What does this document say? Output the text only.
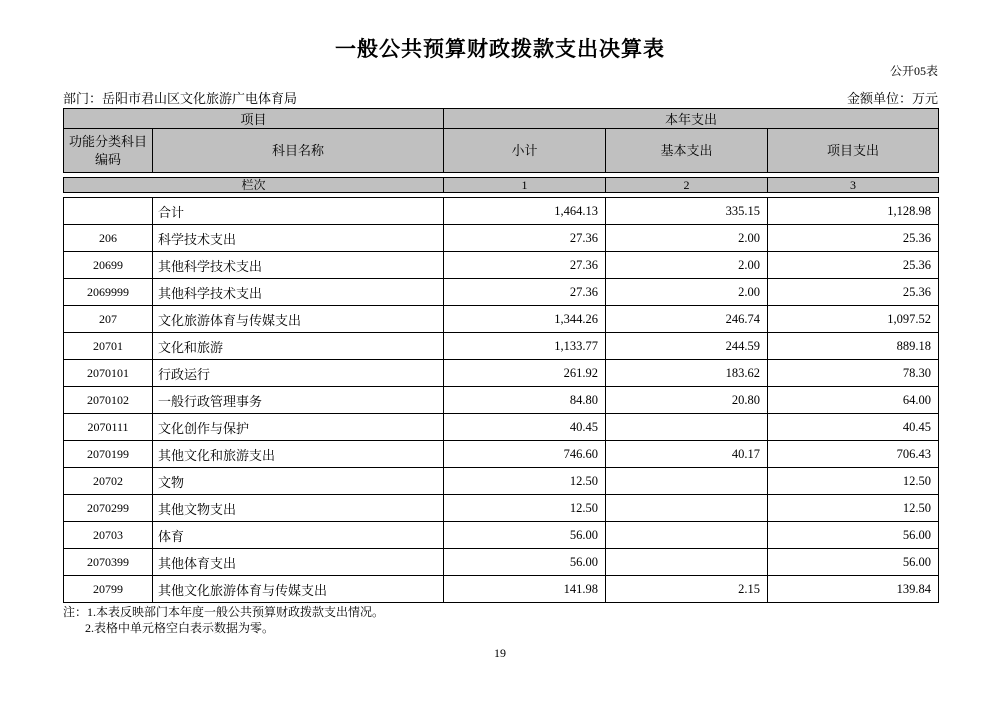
一般公共预算财政拨款支出决算表
公开05表
部门：岳阳市君山区文化旅游广电体育局	金额单位：万元
项目		本年支出		
功能分类科目
编码	科目名称	小计	基本支出	项目支出
栏次	1	2	3
	合计	1,464.13	335.15	1,128.98
206	科学技术支出	27.36	2.00	25.36
20699	其他科学技术支出	27.36	2.00	25.36
2069999	其他科学技术支出	27.36	2.00	25.36
207	文化旅游体育与传媒支出	1,344.26	246.74	1,097.52
20701	文化和旅游	1,133.77	244.59	889.18
2070101	行政运行	261.92	183.62	78.30
2070102	一般行政管理事务	84.80	20.80	64.00
2070111	文化创作与保护	40.45		40.45
2070199	其他文化和旅游支出	746.60	40.17	706.43
20702	文物	12.50		12.50
2070299	其他文物支出	12.50		12.50
20703	体育	56.00		56.00
2070399	其他体育支出	56.00		56.00
20799	其他文化旅游体育与传媒支出	141.98	2.15	139.84
注：1.本表反映部门本年度一般公共预算财政拨款支出情况。
2.表格中单元格空白表示数据为零。
19
